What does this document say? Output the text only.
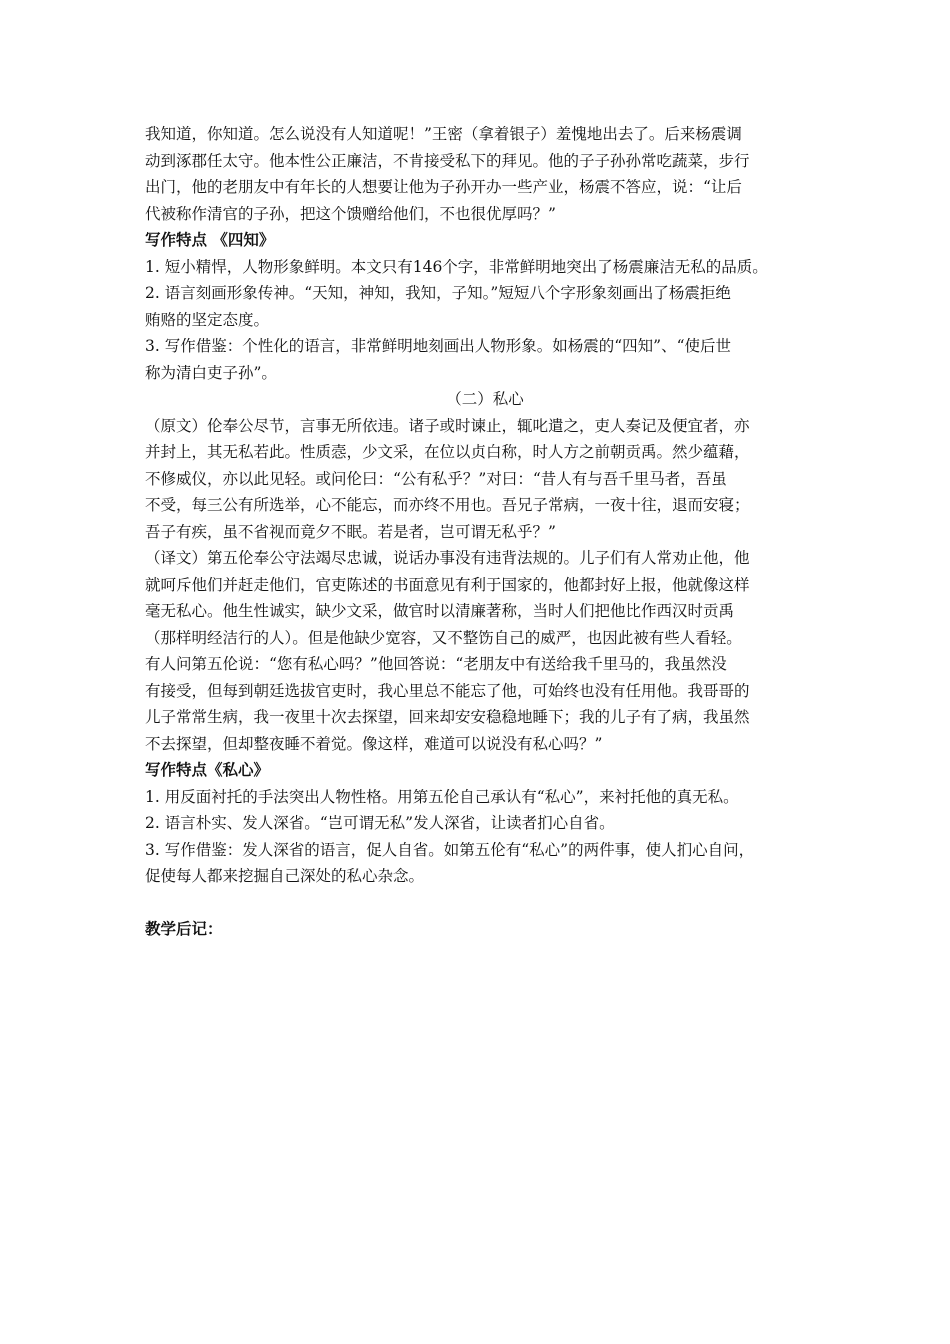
我知道，你知道。怎么说没有人知道呢！”王密（拿着银子）羞愧地出去了。后来杨震调
动到涿郡任太守。他本性公正廉洁，不肯接受私下的拜见。他的子子孙孙常吃蔬菜，步行
出门，他的老朋友中有年长的人想要让他为子孙开办一些产业，杨震不答应，说：“让后
代被称作清官的子孙，把这个馈赠给他们，不也很优厚吗？”
写作特点 《四知》
1. 短小精悍，人物形象鲜明。本文只有146个字，非常鲜明地突出了杨震廉洁无私的品质。
2. 语言刻画形象传神。“天知，神知，我知，子知。”短短八个字形象刻画出了杨震拒绝
贿赂的坚定态度。
3. 写作借鉴：个性化的语言，非常鲜明地刻画出人物形象。如杨震的“四知”、“使后世
称为清白吏子孙”。
（二）私心
（原文）伦奉公尽节，言事无所依违。诸子或时谏止，辄叱遣之，吏人奏记及便宜者，亦
并封上，其无私若此。性质悫，少文采，在位以贞白称，时人方之前朝贡禹。然少蕴藉，
不修威仪，亦以此见轻。或问伦曰：“公有私乎？”对曰：“昔人有与吾千里马者，吾虽
不受，每三公有所选举，心不能忘，而亦终不用也。吾兄子常病，一夜十往，退而安寝；
吾子有疾，虽不省视而竟夕不眠。若是者，岂可谓无私乎？”
（译文）第五伦奉公守法竭尽忠诚，说话办事没有违背法规的。儿子们有人常劝止他，他
就呵斥他们并赶走他们，官吏陈述的书面意见有利于国家的，他都封好上报，他就像这样
毫无私心。他生性诚实，缺少文采，做官时以清廉著称，当时人们把他比作西汉时贡禹
（那样明经洁行的人）。但是他缺少宽容，又不整饬自己的威严，也因此被有些人看轻。
有人问第五伦说：“您有私心吗？”他回答说：“老朋友中有送给我千里马的，我虽然没
有接受，但每到朝廷选拔官吏时，我心里总不能忘了他，可始终也没有任用他。我哥哥的
儿子常常生病，我一夜里十次去探望，回来却安安稳稳地睡下；我的儿子有了病，我虽然
不去探望，但却整夜睡不着觉。像这样，难道可以说没有私心吗？”
写作特点《私心》
1. 用反面衬托的手法突出人物性格。用第五伦自己承认有“私心”，来衬托他的真无私。
2. 语言朴实、发人深省。“岂可谓无私”发人深省，让读者扪心自省。
3. 写作借鉴：发人深省的语言，促人自省。如第五伦有“私心”的两件事，使人扪心自问，
促使每人都来挖掘自己深处的私心杂念。
教学后记：
